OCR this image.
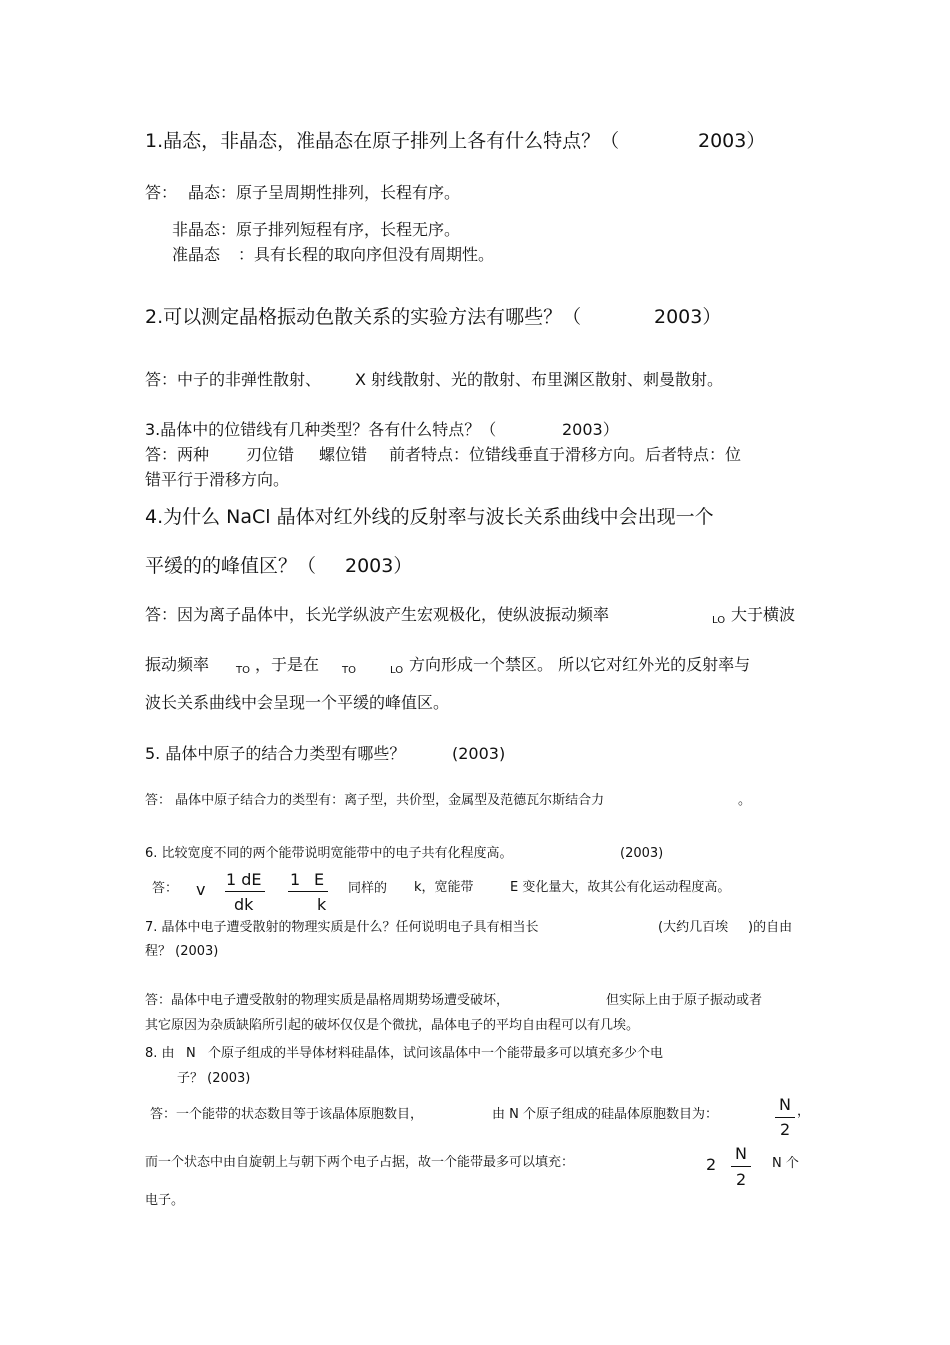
1.晶态，非晶态，准晶态在原子排列上各有什么特点？（	2003）
答： 晶态：原子呈周期性排列，长程有序。
非晶态：原子排列短程有序，长程无序。
准晶态 ：具有长程的取向序但没有周期性。
2.可以测定晶格振动色散关系的实验方法有哪些？（	2003）
答：中子的非弹性散射、 X 射线散射、光的散射、布里渊区散射、刺曼散射。
3.晶体中的位错线有几种类型？各有什么特点？（	2003）
答：两种 刃位错 螺位错 前者特点：位错线垂直于滑移方向。后者特点：位
错平行于滑移方向。
4.为什么 NaCl 晶体对红外线的反射率与波长关系曲线中会出现一个
平缓的的峰值区？（ 2003）
答：因为离子晶体中，长光学纵波产生宏观极化，使纵波振动频率	LO 大于横波
振动频率	TO ，于是在 TO	LO 方向形成一个禁区。 所以它对红外光的反射率与
波长关系曲线中会呈现一个平缓的峰值区。
5. 晶体中原子的结合力类型有哪些？	(2003)
答： 晶体中原子结合力的类型有：离子型，共价型，金属型及范德瓦尔斯结合力	。
6. 比较宽度不同的两个能带说明宽能带中的电子共有化程度高。	(2003)
答： v
1 dE
dk
1 E
k
同样的 k，宽能带	E 变化量大，故其公有化运动程度高。
7. 晶体中电子遭受散射的物理实质是什么？任何说明电子具有相当长	(大约几百埃 )的自由
程？ (2003)
答：晶体中电子遭受散射的物理实质是晶格周期势场遭受破坏，	但实际上由于原子振动或者
其它原因为杂质缺陷所引起的破坏仅仅是个微扰，晶体电子的平均自由程可以有几埃。
8. 由 N 个原子组成的半导体材料硅晶体，试问该晶体中一个能带最多可以填充多少个电
子？ (2003)
答：一个能带的状态数目等于该晶体原胞数目，	由 N 个原子组成的硅晶体原胞数目为：
N
2
，
而一个状态中由自旋朝上与朝下两个电子占据，故一个能带最多可以填充：	2
N
2
N 个
电子。
